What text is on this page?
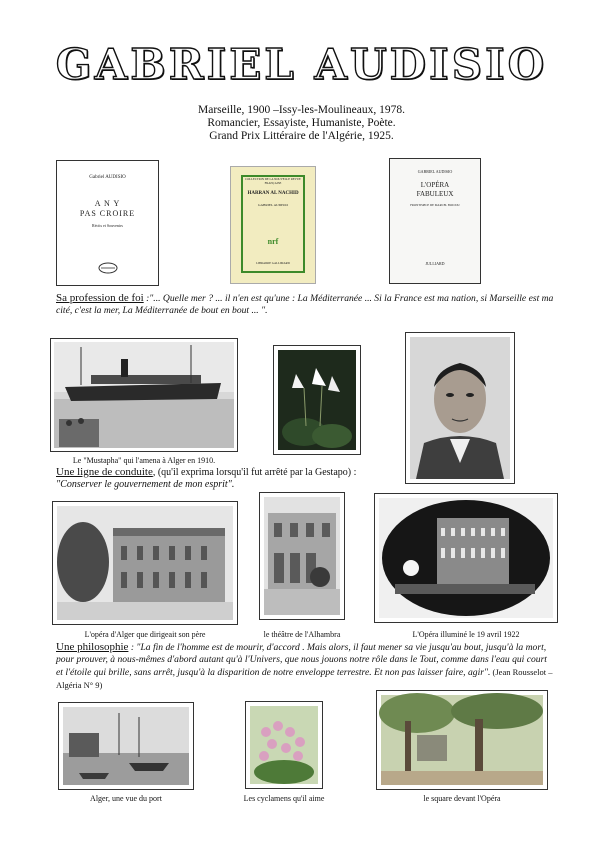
GABRIEL AUDISIO
Marseille, 1900 –Issy-les-Moulineaux, 1978.
Romancier, Essayiste, Humaniste, Poète.
Grand Prix Littéraire de l'Algérie, 1925.
Gabriel AUDISIO
A N Y
PAS CROIRE
Récits et Souvenirs
COLLECTION DE LA NOUVELLE REVUE FRANÇAISE
HARRAN AL NACHID
GABRIEL AUDISIO
nrf
LIBRAIRIE GALLIMARD
GABRIEL AUDISIO
L'OPÉRA
FABULEUX
FRONTISPICE DE MARCEL BOUJOU
JULLIARD
Sa profession de foi :"... Quelle mer ? ... il n'en est qu'une : La Méditerranée ... Si la France est ma nation, si Marseille est ma cité, c'est la mer, La Méditerranée de bout en bout ... ".
Le "Mustapha" qui l'amena à Alger en 1910.
Une ligne de conduite, (qu'il exprima lorsqu'il fut arrêté par la Gestapo) :
"Conserver le gouvernement de mon esprit".
L'opéra d'Alger que dirigeait son père	le théâtre de l'Alhambra	L'Opéra illuminé le 19 avril 1922
Une philosophie : "La fin de l'homme est de mourir, d'accord . Mais alors, il faut mener sa vie jusqu'au bout, jusqu'à la mort, pour prouver, à nous-mêmes d'abord autant qu'à l'Univers, que nous jouons notre rôle dans le Tout, comme dans l'eau qui court et l'étoile qui brille, sans arrêt, jusqu'à la disparition de notre enveloppe terrestre. Et non pas laisser faire, agir". (Jean Rousselot –Algéria N° 9)
Alger, une vue du port	Les cyclamens qu'il aime	le square devant l'Opéra
